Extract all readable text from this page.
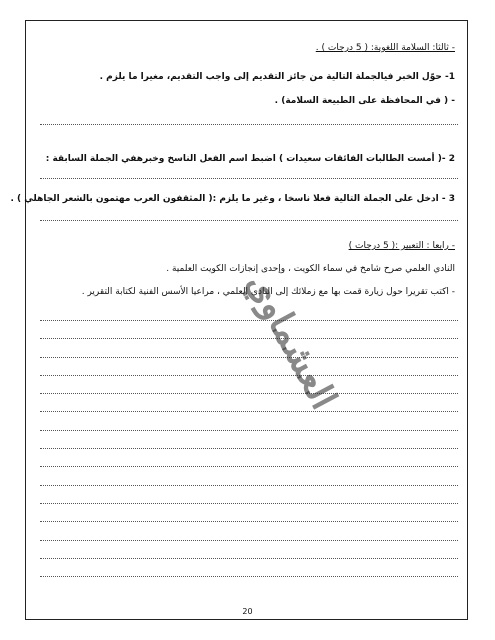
- ثالثا: السلامة اللغوية: ( 5 درجات ) .
1- حوّل الخبر فيالجملة التالية من جائز التقديم إلى واجب التقديم، مغيرا ما يلزم .
- ( في المحافظة على الطبيعة السلامة) .
2 -( أمست الطالبات الفائقات سعيدات ) اضبط اسم الفعل الناسخ وخبرهفي الجملة السابقة :
3 - ادخل على الجملة التالية فعلا ناسخا ، وغير ما يلزم :( المثقفون العرب مهتمون بالشعر الجاهلي ) .
- رابعا : التعبير :( 5 درجات )
النادي العلمي صرح شامخ في سماء الكويت ، وإحدى إنجازات الكويت العلمية .
- اكتب تقريرا حول زيارة قمت بها مع زملائك إلى النادي العلمي ، مراعيا الأسس الفنية لكتابة التقرير .
العشماوي
20
